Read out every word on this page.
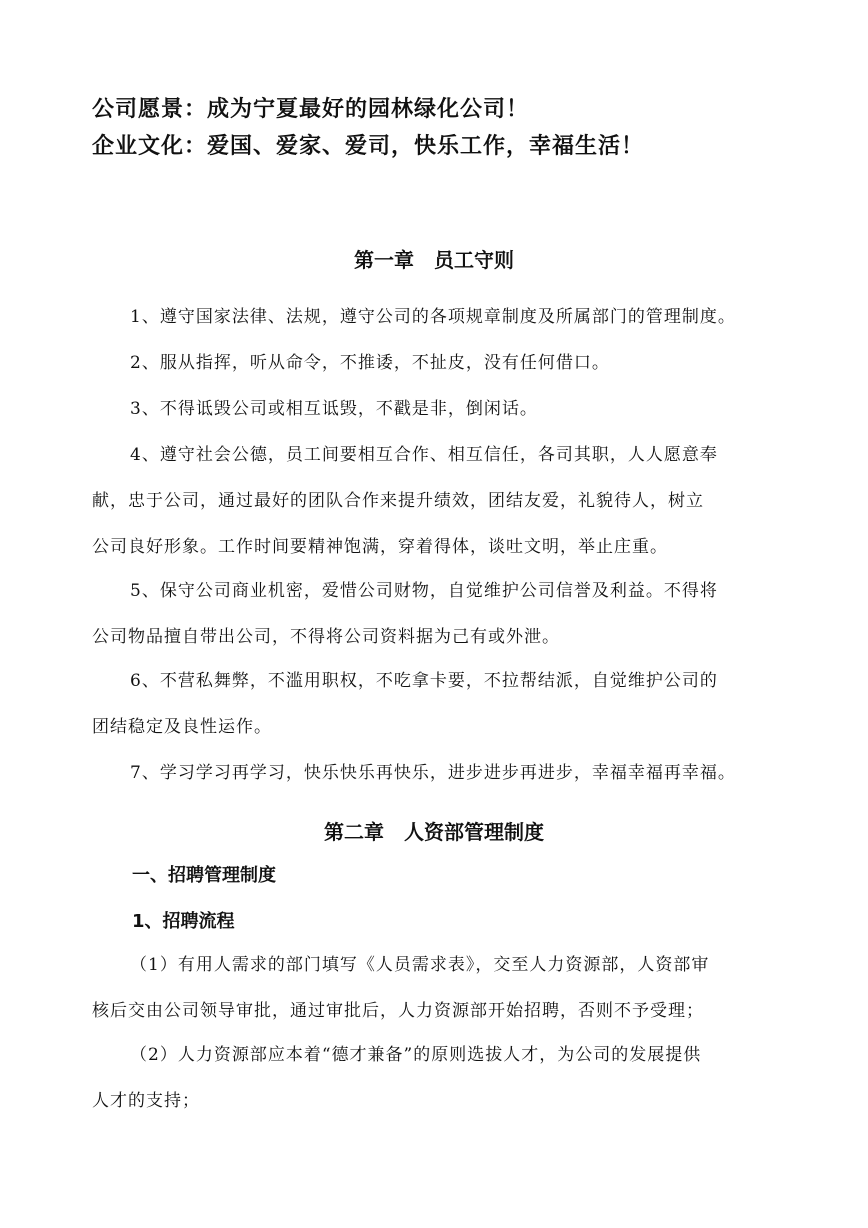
公司愿景：成为宁夏最好的园林绿化公司！
企业文化：爱国、爱家、爱司，快乐工作，幸福生活！
第一章　员工守则
1、遵守国家法律、法规，遵守公司的各项规章制度及所属部门的管理制度。
2、服从指挥，听从命令，不推诿，不扯皮，没有任何借口。
3、不得诋毁公司或相互诋毁，不戳是非，倒闲话。
4、遵守社会公德，员工间要相互合作、相互信任，各司其职，人人愿意奉
献，忠于公司，通过最好的团队合作来提升绩效，团结友爱，礼貌待人，树立
公司良好形象。工作时间要精神饱满，穿着得体，谈吐文明，举止庄重。
5、保守公司商业机密，爱惜公司财物，自觉维护公司信誉及利益。不得将
公司物品擅自带出公司，不得将公司资料据为己有或外泄。
6、不营私舞弊，不滥用职权，不吃拿卡要，不拉帮结派，自觉维护公司的
团结稳定及良性运作。
7、学习学习再学习，快乐快乐再快乐，进步进步再进步，幸福幸福再幸福。
第二章　人资部管理制度
一、招聘管理制度
1、招聘流程
（1）有用人需求的部门填写《人员需求表》，交至人力资源部，人资部审
核后交由公司领导审批，通过审批后，人力资源部开始招聘，否则不予受理；
（2）人力资源部应本着“德才兼备”的原则选拔人才，为公司的发展提供
人才的支持；
